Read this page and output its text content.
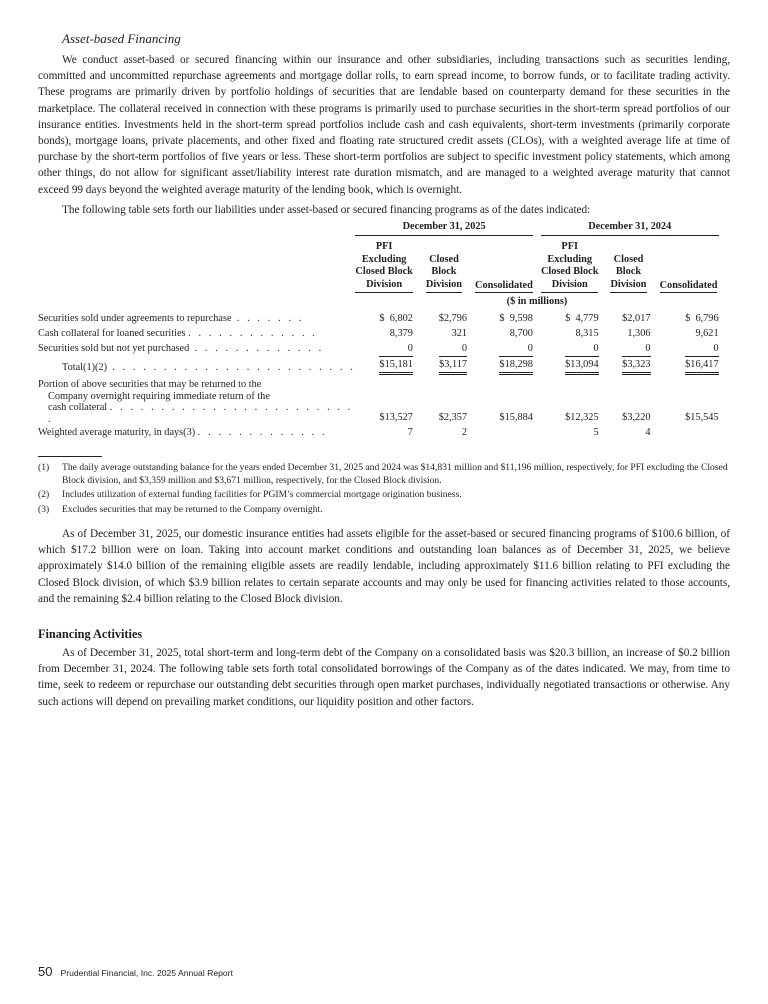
Asset-based Financing

We conduct asset-based or secured financing within our insurance and other subsidiaries, including transactions such as securities lending, committed and uncommitted repurchase agreements and mortgage dollar rolls, to earn spread income, to borrow funds, or to facilitate trading activity. These programs are primarily driven by portfolio holdings of securities that are lendable based on counterparty demand for these securities in the marketplace. The collateral received in connection with these programs is primarily used to purchase securities in the short-term spread portfolios of our insurance entities. Investments held in the short-term spread portfolios include cash and cash equivalents, short-term investments (primarily corporate bonds), mortgage loans, private placements, and other fixed and floating rate structured credit assets (CLOs), with a weighted average life at time of purchase by the short-term portfolios of five years or less. These short-term portfolios are subject to specific investment policy statements, which among other things, do not allow for significant asset/liability interest rate duration mismatch, and are managed to a weighted average maturity that cannot exceed 99 days beyond the weighted average maturity of the lending book, which is overnight.

The following table sets forth our liabilities under asset-based or secured financing programs as of the dates indicated:

	December 31, 2025						December 31, 2024					

	PFI
Excluding
Closed Block
Division		Closed
Block
Division		Consolidated		PFI
Excluding
Closed Block
Division		Closed
Block
Division		Consolidated	
	($ in millions)											
Securities sold under agreements to repurchase . . . . . . .	$  6,802		$2,796		$  9,598		$  4,779		$2,017		$  6,796	
Cash collateral for loaned securities . . . . . . . . . . . . .	8,379		321		8,700		8,315		1,306		9,621	
Securities sold but not yet purchased . . . . . . . . . . . . .	0		0		0		0		0		0	
Total(1)(2) . . . . . . . . . . . . . . . . . . . . . . . .	$15,181		$3,117		$18,298		$13,094		$3,323		$16,417	

Portion of above securities that may be returned to the
Company overnight requiring immediate return of the
cash collateral . . . . . . . . . . . . . . . . . . . . . . . . .	$13,527		$2,357		$15,884		$12,325		$3,220		$15,545	
Weighted average maturity, in days(3) . . . . . . . . . . . . .	7		2				5		4			
(1)	The daily average outstanding balance for the years ended December 31, 2025 and 2024 was $14,831 million and $11,196 million, respectively, for PFI excluding the Closed Block division, and $3,359 million and $3,671 million, respectively, for the Closed Block division.
(2)	Includes utilization of external funding facilities for PGIM’s commercial mortgage origination business.
(3)	Excludes securities that may be returned to the Company overnight.

As of December 31, 2025, our domestic insurance entities had assets eligible for the asset-based or secured financing programs of $100.6 billion, of which $17.2 billion were on loan. Taking into account market conditions and outstanding loan balances as of December 31, 2025, we believe approximately $14.0 billion of the remaining eligible assets are readily lendable, including approximately $11.6 billion relating to PFI excluding the Closed Block division, of which $3.9 billion relates to certain separate accounts and may only be used for financing activities related to those accounts, and the remaining $2.4 billion relating to the Closed Block division.

Financing Activities

As of December 31, 2025, total short-term and long-term debt of the Company on a consolidated basis was $20.3 billion, an increase of $0.2 billion from December 31, 2024. The following table sets forth total consolidated borrowings of the Company as of the dates indicated. We may, from time to time, seek to redeem or repurchase our outstanding debt securities through open market purchases, individually negotiated transactions or otherwise. Any such actions will depend on prevailing market conditions, our liquidity position and other factors.

50 Prudential Financial, Inc. 2025 Annual Report
